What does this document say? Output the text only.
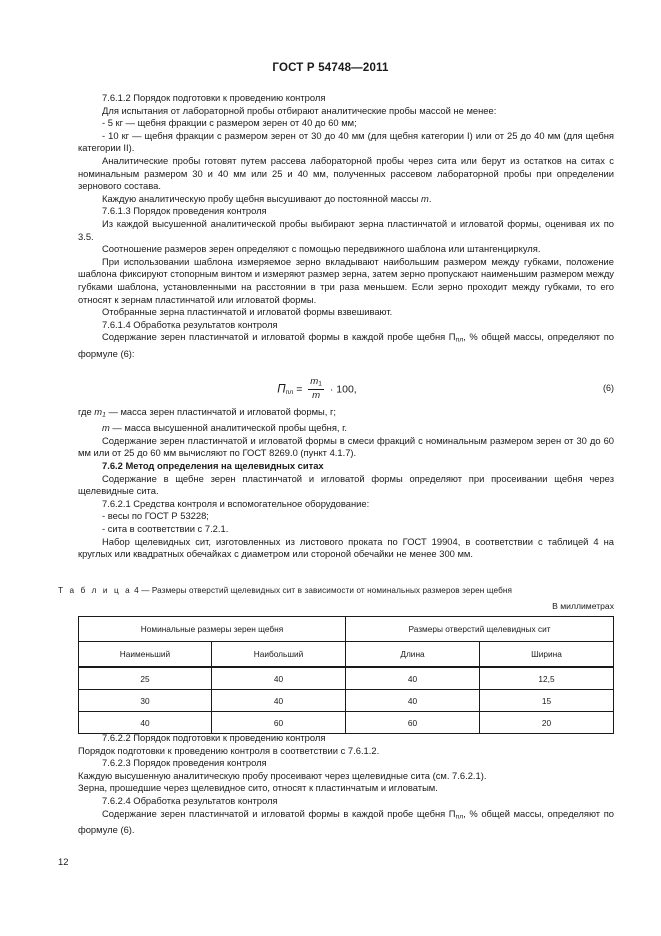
ГОСТ Р 54748—2011

7.6.1.2 Порядок подготовки к проведению контроля

Для испытания от лабораторной пробы отбирают аналитические пробы массой не менее:

- 5 кг — щебня фракции с размером зерен от 40 до 60 мм;

- 10 кг — щебня фракции с размером зерен от 30 до 40 мм (для щебня категории I) или от 25 до 40 мм (для щебня категории II).

Аналитические пробы готовят путем рассева лабораторной пробы через сита или берут из остатков на ситах с номинальным размером 30 и 40 мм или 25 и 40 мм, полученных рассевом лабораторной пробы при определении зернового состава.

Каждую аналитическую пробу щебня высушивают до постоянной массы m.

7.6.1.3 Порядок проведения контроля

Из каждой высушенной аналитической пробы выбирают зерна пластинчатой и игловатой формы, оценивая их по 3.5.

Соотношение размеров зерен определяют с помощью передвижного шаблона или штангенциркуля.

При использовании шаблона измеряемое зерно вкладывают наибольшим размером между губками, положение шаблона фиксируют стопорным винтом и измеряют размер зерна, затем зерно пропускают наименьшим размером между губками шаблона, установленными на расстоянии в три раза меньшем. Если зерно проходит между губками, то его относят к зернам пластинчатой или игловатой формы.

Отобранные зерна пластинчатой и игловатой формы взвешивают.

7.6.1.4 Обработка результатов контроля

Содержание зерен пластинчатой и игловатой формы в каждой пробе щебня $П_{пл}$, % общей массы, определяют по формуле (6):

Ппл = $\frac{m1}{m} \cdot 100$,	(6)

где $m_1$ — масса зерен пластинчатой и игловатой формы, г;

m — масса высушенной аналитической пробы щебня, г.

Содержание зерен пластинчатой и игловатой формы в смеси фракций с номинальным размером зерен от 30 до 60 мм или от 25 до 60 мм вычисляют по ГОСТ 8269.0 (пункт 4.1.7).

7.6.2 Метод определения на щелевидных ситах

Содержание в щебне зерен пластинчатой и игловатой формы определяют при просеивании щебня через щелевидные сита.

7.6.2.1 Средства контроля и вспомогательное оборудование:

- весы по ГОСТ Р 53228;

- сита в соответствии с 7.2.1.

Набор щелевидных сит, изготовленных из листового проката по ГОСТ 19904, в соответствии с таблицей 4 на круглых или квадратных обечайках с диаметром или стороной обечайки не менее 300 мм.

Т а б л и ц а 4 — Размеры отверстий щелевидных сит в зависимости от номинальных размеров зерен щебня
В миллиметрах
Номинальные размеры зерен щебня		Размеры отверстий щелевидных сит	
Наименьший	Наибольший	Длина	Ширина
25	40	40	12,5
30	40	40	15
40	60	60	20

7.6.2.2 Порядок подготовки к проведению контроля

Порядок подготовки к проведению контроля в соответствии с 7.6.1.2.

7.6.2.3 Порядок проведения контроля

Каждую высушенную аналитическую пробу просеивают через щелевидные сита (см. 7.6.2.1).

Зерна, прошедшие через щелевидное сито, относят к пластинчатым и игловатым.

7.6.2.4 Обработка результатов контроля

Содержание зерен пластинчатой и игловатой формы в каждой пробе щебня $П_{пл}$, % общей массы, определяют по формуле (6).

12
